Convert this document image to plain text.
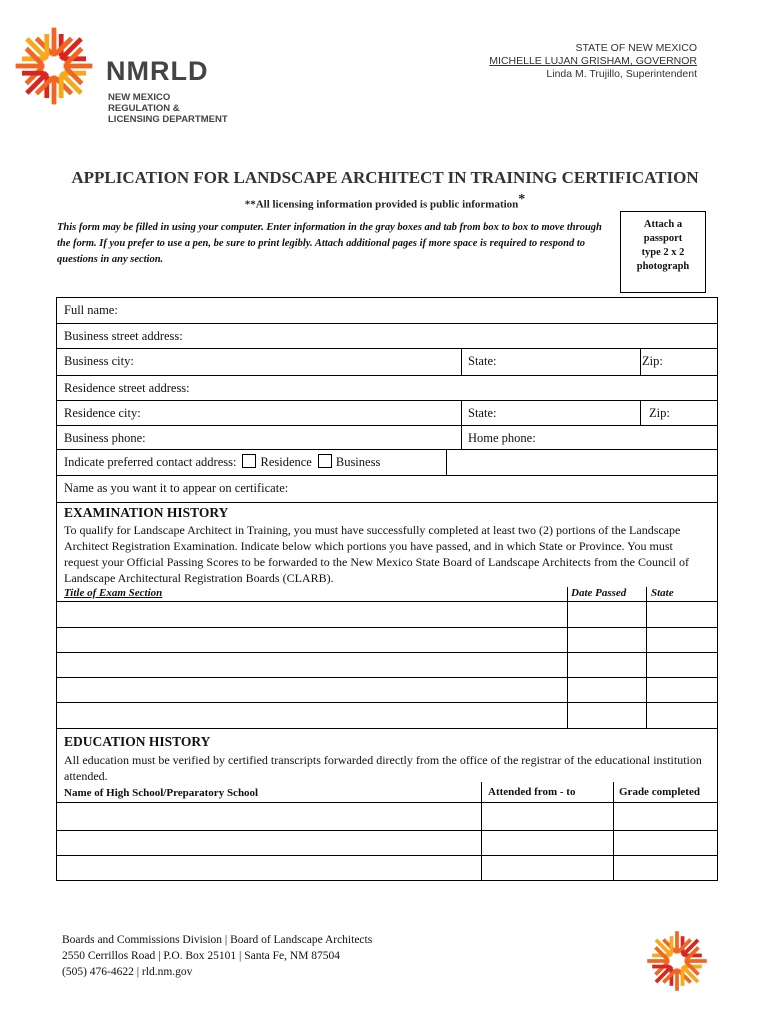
NMRLD
NEW MEXICO
REGULATION &
LICENSING DEPARTMENT
STATE OF NEW MEXICO
MICHELLE LUJAN GRISHAM, GOVERNOR
Linda M. Trujillo, Superintendent
APPLICATION FOR LANDSCAPE ARCHITECT IN TRAINING CERTIFICATION
**All licensing information provided is public information*
This form may be filled in using your computer. Enter information in the gray boxes and tab from box to box to move through the form. If you prefer to use a pen, be sure to print legibly. Attach additional pages if more space is required to respond to questions in any section.
Attach a
passport
type 2 x 2
photograph
Full name:
Business street address:
Business city:	State:	Zip:
Residence street address:
Residence city:	State:	Zip:
Business phone:	Home phone:
Indicate preferred contact address: Residence Business
Name as you want it to appear on certificate:
EXAMINATION HISTORY
To qualify for Landscape Architect in Training, you must have successfully completed at least two (2) portions of the Landscape Architect Registration Examination. Indicate below which portions you have passed, and in which State or Province. You must request your Official Passing Scores to be forwarded to the New Mexico State Board of Landscape Architects from the Council of Landscape Architectural Registration Boards (CLARB).
Title of Exam Section	Date Passed State
EDUCATION HISTORY
All education must be verified by certified transcripts forwarded directly from the office of the registrar of the educational institution attended.
Name of High School/Preparatory School	Attended from - to	Grade completed
Boards and Commissions Division | Board of Landscape Architects
2550 Cerrillos Road | P.O. Box 25101 | Santa Fe, NM 87504
(505) 476-4622 | rld.nm.gov
